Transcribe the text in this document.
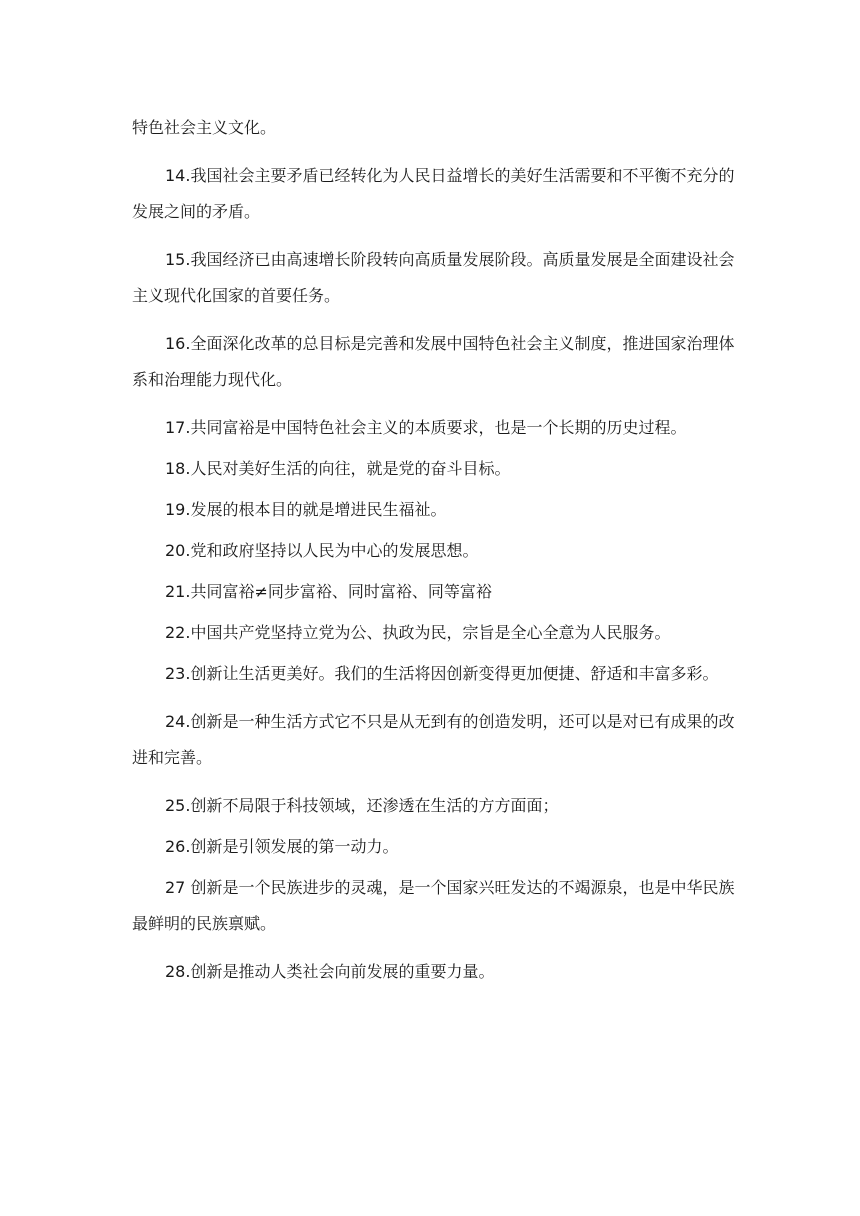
特色社会主义文化。

14.我国社会主要矛盾已经转化为人民日益增长的美好生活需要和不平衡不充分的发展之间的矛盾。

15.我国经济已由高速增长阶段转向高质量发展阶段。高质量发展是全面建设社会主义现代化国家的首要任务。

16.全面深化改革的总目标是完善和发展中国特色社会主义制度，推进国家治理体系和治理能力现代化。

17.共同富裕是中国特色社会主义的本质要求，也是一个长期的历史过程。

18.人民对美好生活的向往，就是党的奋斗目标。

19.发展的根本目的就是增进民生福祉。

20.党和政府坚持以人民为中心的发展思想。

21.共同富裕≠同步富裕、同时富裕、同等富裕

22.中国共产党坚持立党为公、执政为民，宗旨是全心全意为人民服务。

23.创新让生活更美好。我们的生活将因创新变得更加便捷、舒适和丰富多彩。

24.创新是一种生活方式它不只是从无到有的创造发明，还可以是对已有成果的改进和完善。

25.创新不局限于科技领域，还渗透在生活的方方面面；

26.创新是引领发展的第一动力。

27 创新是一个民族进步的灵魂，是一个国家兴旺发达的不竭源泉，也是中华民族最鲜明的民族禀赋。

28.创新是推动人类社会向前发展的重要力量。
